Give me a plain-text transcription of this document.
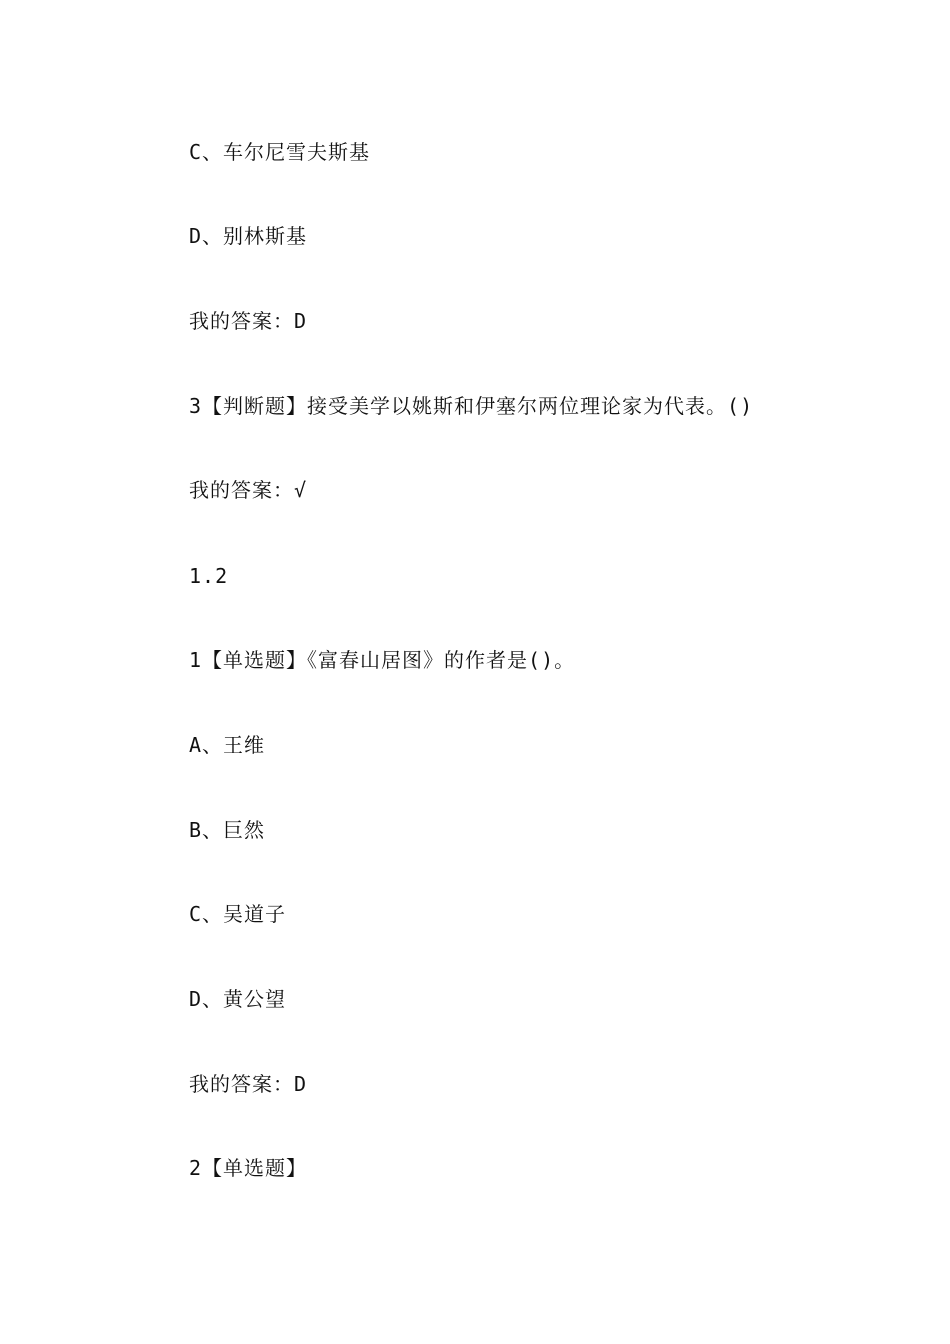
C、车尔尼雪夫斯基
D、别林斯基
我的答案：D
3【判断题】接受美学以姚斯和伊塞尔两位理论家为代表。()
我的答案：√
1.2
1【单选题】《富春山居图》的作者是()。
A、王维
B、巨然
C、吴道子
D、黄公望
我的答案：D
2【单选题】
